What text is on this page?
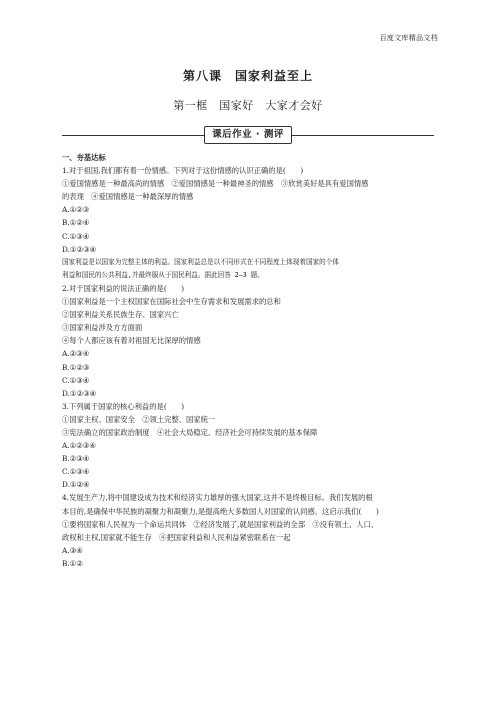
百度文库精品文档
第八课　国家利益至上
第一框　国家好　大家才会好
课后作业 · 测评
一、夯基达标
1.对于祖国,我们都有着一份情感。下列对于这份情感的认识正确的是(　　)
①爱国情感是一种最高尚的情感　②爱国情感是一种最神圣的情感　③欣赏美好是具有爱国情感
的表现　④爱国情感是一种最深厚的情感
A.①②③
B.①②④
C.①③④
D.①②③④
国家利益是以国家为完整主体的利益。国家利益总是以不同形式在不同程度上体现着国家的个体
利益和国民的公共利益,并最终服从于国民利益。据此回答 2—3 题。
2.对于国家利益的说法正确的是(　　)
①国家利益是一个主权国家在国际社会中生存需求和发展需求的总和
②国家利益关系民族生存、国家兴亡
③国家利益涉及方方面面
④每个人都应该有着对祖国无比深厚的情感
A.②③④
B.①②③
C.①③④
D.①②③④
3.下列属于国家的核心利益的是(　　)
①国家主权、国家安全　②领土完整、国家统一
③宪法确立的国家政治制度　④社会大局稳定、经济社会可持续发展的基本保障
A.①②③④
B.②③④
C.①③④
D.①②④
4.发展生产力,将中国建设成为技术和经济实力雄厚的强大国家,这并不是终极目标。我们发展的根
本目的,是确保中华民族的凝聚力和凝聚力,是提高绝大多数国人对国家的认同感。这启示我们(　　)
①要将国家和人民视为一个命运共同体　②经济发展了,就是国家利益的全部　③没有领土、人口、
政权和主权,国家就不能生存　④把国家利益和人民利益紧密联系在一起
A.③④
B.①②
